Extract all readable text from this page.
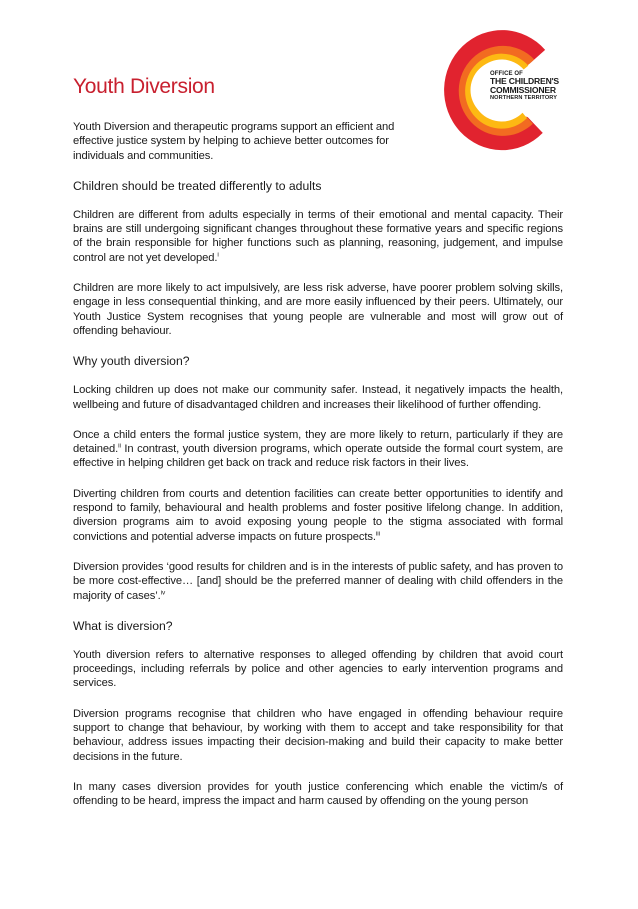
OFFICE OF
THE CHILDREN'S
COMMISSIONER
NORTHERN TERRITORY
Youth Diversion

Youth Diversion and therapeutic programs support an efficient and effective justice system by helping to achieve better outcomes for individuals and communities.

Children should be treated differently to adults

Children are different from adults especially in terms of their emotional and mental capacity. Their brains are still undergoing significant changes throughout these formative years and specific regions of the brain responsible for higher functions such as planning, reasoning, judgement, and impulse control are not yet developed.$^i$

Children are more likely to act impulsively, are less risk adverse, have poorer problem solving skills, engage in less consequential thinking, and are more easily influenced by their peers. Ultimately, our Youth Justice System recognises that young people are vulnerable and most will grow out of offending behaviour.

Why youth diversion?

Locking children up does not make our community safer. Instead, it negatively impacts the health, wellbeing and future of disadvantaged children and increases their likelihood of further offending.

Once a child enters the formal justice system, they are more likely to return, particularly if they are detained.$^{ii}$ In contrast, youth diversion programs, which operate outside the formal court system, are effective in helping children get back on track and reduce risk factors in their lives.

Diverting children from courts and detention facilities can create better opportunities to identify and respond to family, behavioural and health problems and foster positive lifelong change. In addition, diversion programs aim to avoid exposing young people to the stigma associated with formal convictions and potential adverse impacts on future prospects.$^{iii}$

Diversion provides ‘good results for children and is in the interests of public safety, and has proven to be more cost-effective… [and] should be the preferred manner of dealing with child offenders in the majority of cases’.$^{iv}$

What is diversion?

Youth diversion refers to alternative responses to alleged offending by children that avoid court proceedings, including referrals by police and other agencies to early intervention programs and services.

Diversion programs recognise that children who have engaged in offending behaviour require support to change that behaviour, by working with them to accept and take responsibility for that behaviour, address issues impacting their decision-making and build their capacity to make better decisions in the future.

In many cases diversion provides for youth justice conferencing which enable the victim/s of offending to be heard, impress the impact and harm caused by offending on the young person
